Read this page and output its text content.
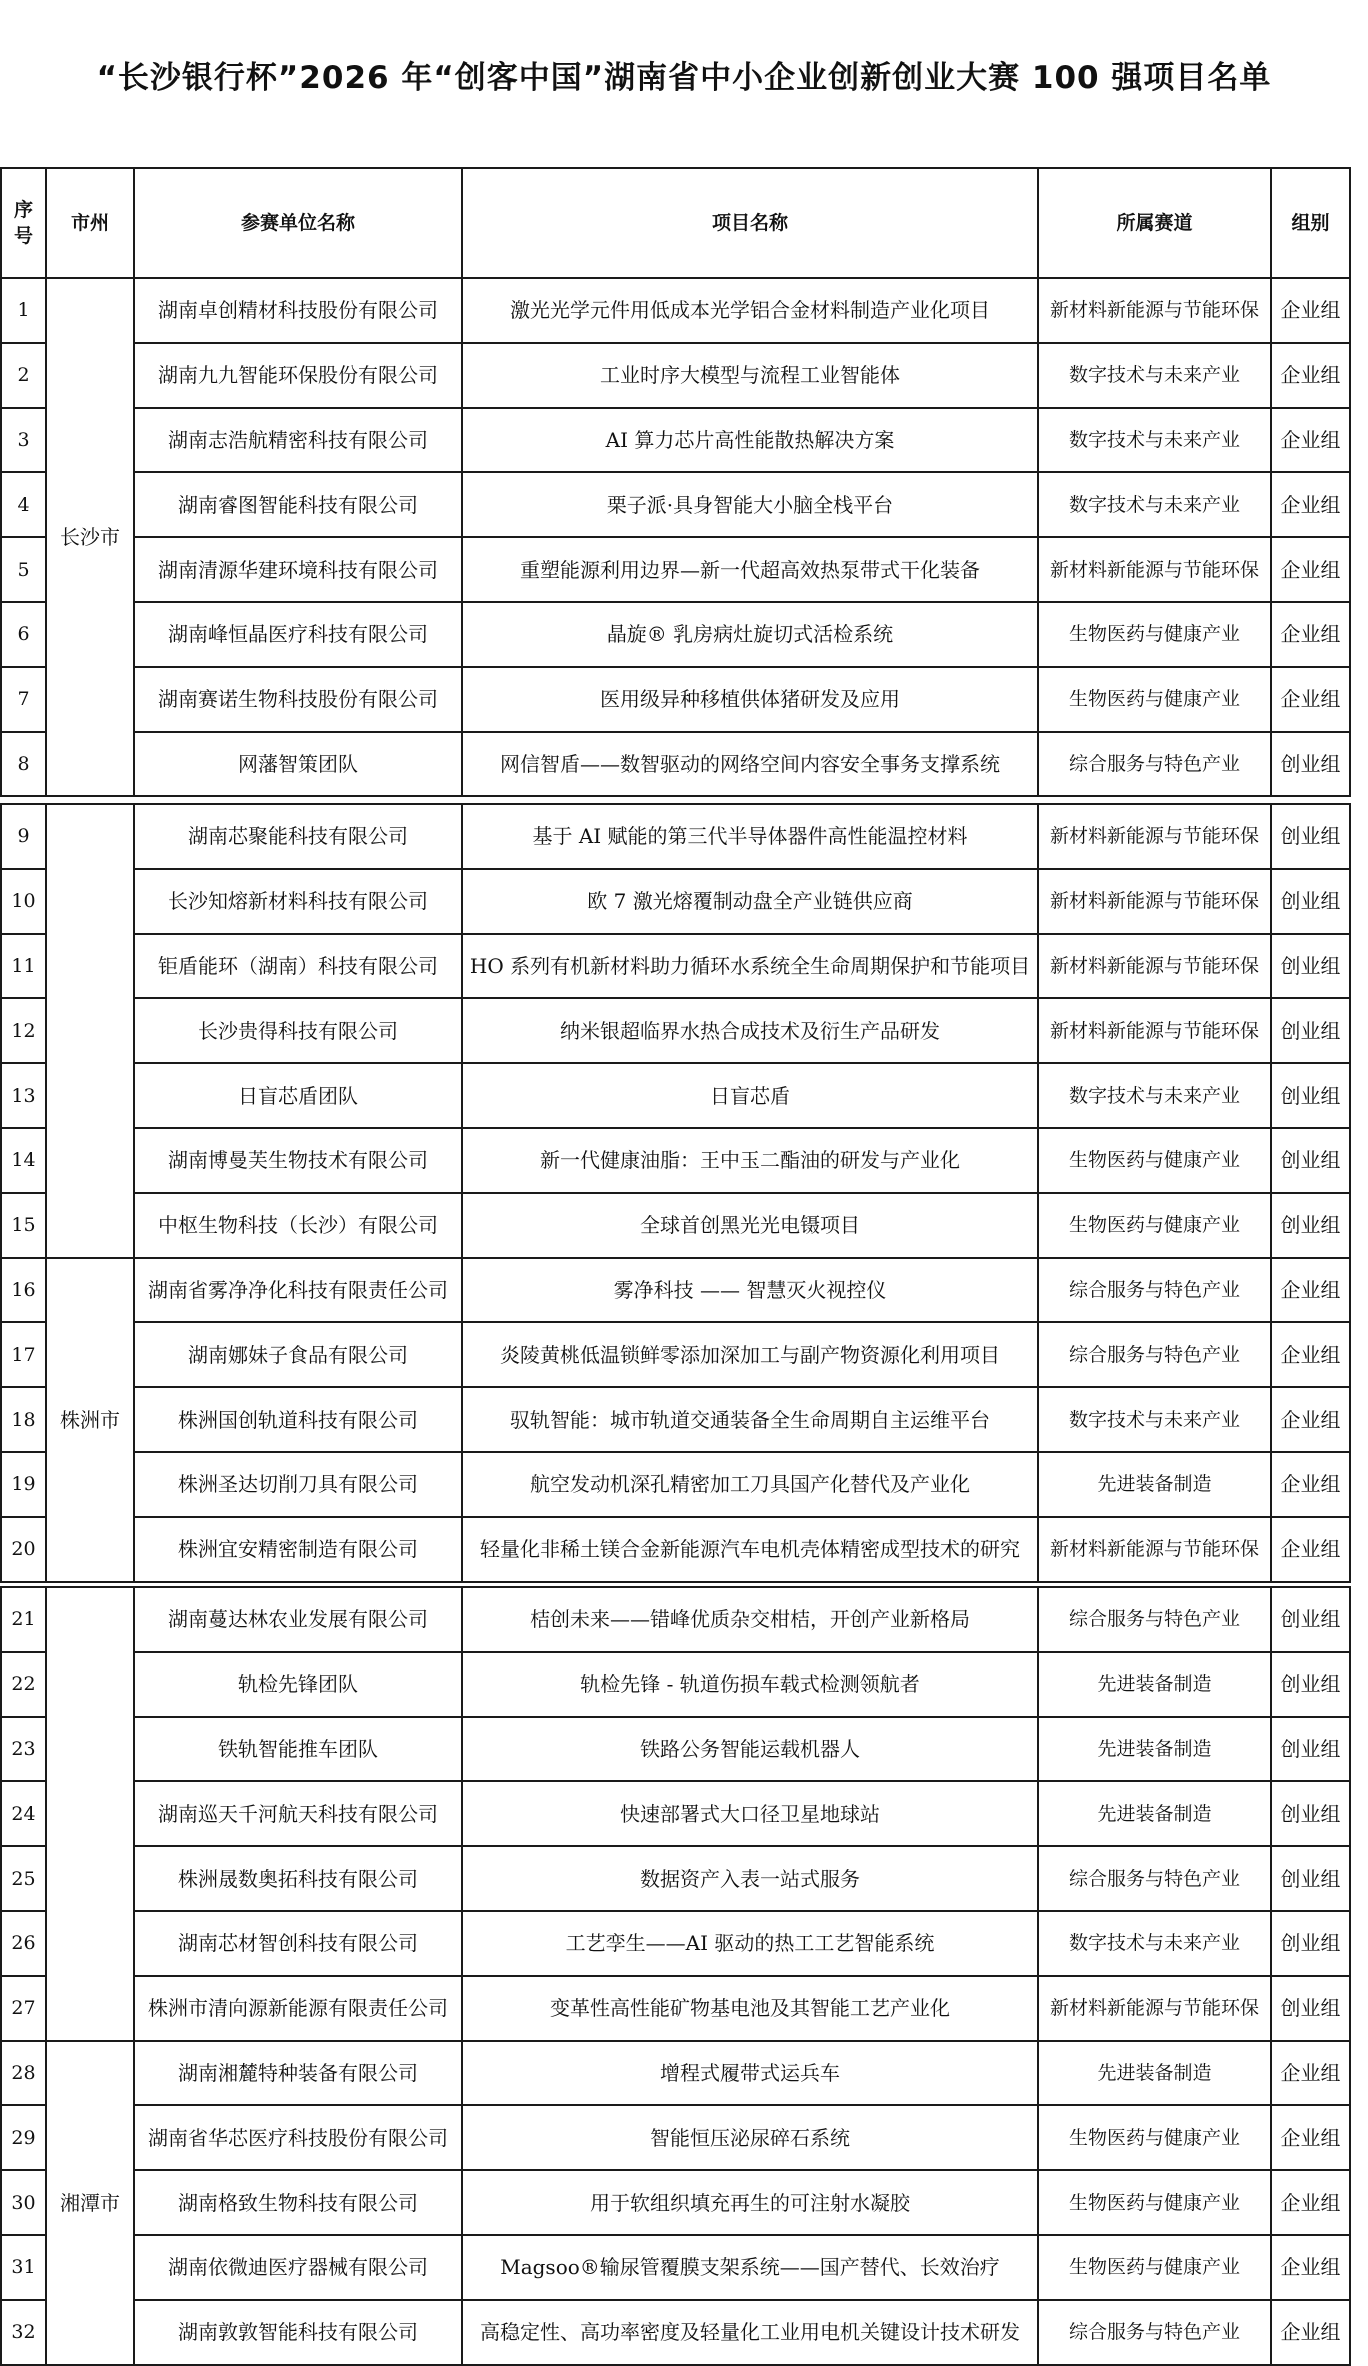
“长沙银行杯”2026 年“创客中国”湖南省中小企业创新创业大赛 100 强项目名单
序号	市州	参赛单位名称	项目名称	所属赛道	组别
1	长沙市	湖南卓创精材科技股份有限公司	激光光学元件用低成本光学铝合金材料制造产业化项目	新材料新能源与节能环保	企业组
2		湖南九九智能环保股份有限公司	工业时序大模型与流程工业智能体	数字技术与未来产业	企业组
3		湖南志浩航精密科技有限公司	AI 算力芯片高性能散热解决方案	数字技术与未来产业	企业组
4		湖南睿图智能科技有限公司	栗子派·具身智能大小脑全栈平台	数字技术与未来产业	企业组
5		湖南清源华建环境科技有限公司	重塑能源利用边界—新一代超高效热泵带式干化装备	新材料新能源与节能环保	企业组
6		湖南峰恒晶医疗科技有限公司	晶旋® 乳房病灶旋切式活检系统	生物医药与健康产业	企业组
7		湖南赛诺生物科技股份有限公司	医用级异种移植供体猪研发及应用	生物医药与健康产业	企业组
8		网藩智策团队	网信智盾——数智驱动的网络空间内容安全事务支撑系统	综合服务与特色产业	创业组
9		湖南芯聚能科技有限公司	基于 AI 赋能的第三代半导体器件高性能温控材料	新材料新能源与节能环保	创业组
10		长沙知熔新材料科技有限公司	欧 7 激光熔覆制动盘全产业链供应商	新材料新能源与节能环保	创业组
11		钜盾能环（湖南）科技有限公司	HO 系列有机新材料助力循环水系统全生命周期保护和节能项目	新材料新能源与节能环保	创业组
12		长沙贵得科技有限公司	纳米银超临界水热合成技术及衍生产品研发	新材料新能源与节能环保	创业组
13		日盲芯盾团队	日盲芯盾	数字技术与未来产业	创业组
14		湖南博曼芙生物技术有限公司	新一代健康油脂：王中玉二酯油的研发与产业化	生物医药与健康产业	创业组
15		中枢生物科技（长沙）有限公司	全球首创黑光光电镊项目	生物医药与健康产业	创业组
16	株洲市	湖南省雾净净化科技有限责任公司	雾净科技 —— 智慧灭火视控仪	综合服务与特色产业	企业组
17		湖南娜妹子食品有限公司	炎陵黄桃低温锁鲜零添加深加工与副产物资源化利用项目	综合服务与特色产业	企业组
18		株洲国创轨道科技有限公司	驭轨智能：城市轨道交通装备全生命周期自主运维平台	数字技术与未来产业	企业组
19		株洲圣达切削刀具有限公司	航空发动机深孔精密加工刀具国产化替代及产业化	先进装备制造	企业组
20		株洲宜安精密制造有限公司	轻量化非稀土镁合金新能源汽车电机壳体精密成型技术的研究	新材料新能源与节能环保	企业组
21		湖南蔓达林农业发展有限公司	桔创未来——错峰优质杂交柑桔，开创产业新格局	综合服务与特色产业	创业组
22		轨检先锋团队	轨检先锋 - 轨道伤损车载式检测领航者	先进装备制造	创业组
23		铁轨智能推车团队	铁路公务智能运载机器人	先进装备制造	创业组
24		湖南巡天千河航天科技有限公司	快速部署式大口径卫星地球站	先进装备制造	创业组
25		株洲晟数奥拓科技有限公司	数据资产入表一站式服务	综合服务与特色产业	创业组
26		湖南芯材智创科技有限公司	工艺孪生——AI 驱动的热工工艺智能系统	数字技术与未来产业	创业组
27		株洲市清向源新能源有限责任公司	变革性高性能矿物基电池及其智能工艺产业化	新材料新能源与节能环保	创业组
28	湘潭市	湖南湘麓特种装备有限公司	增程式履带式运兵车	先进装备制造	企业组
29		湖南省华芯医疗科技股份有限公司	智能恒压泌尿碎石系统	生物医药与健康产业	企业组
30		湖南格致生物科技有限公司	用于软组织填充再生的可注射水凝胶	生物医药与健康产业	企业组
31		湖南依微迪医疗器械有限公司	Magsoo®输尿管覆膜支架系统——国产替代、长效治疗	生物医药与健康产业	企业组
32		湖南敦敦智能科技有限公司	高稳定性、高功率密度及轻量化工业用电机关键设计技术研发	综合服务与特色产业	企业组
